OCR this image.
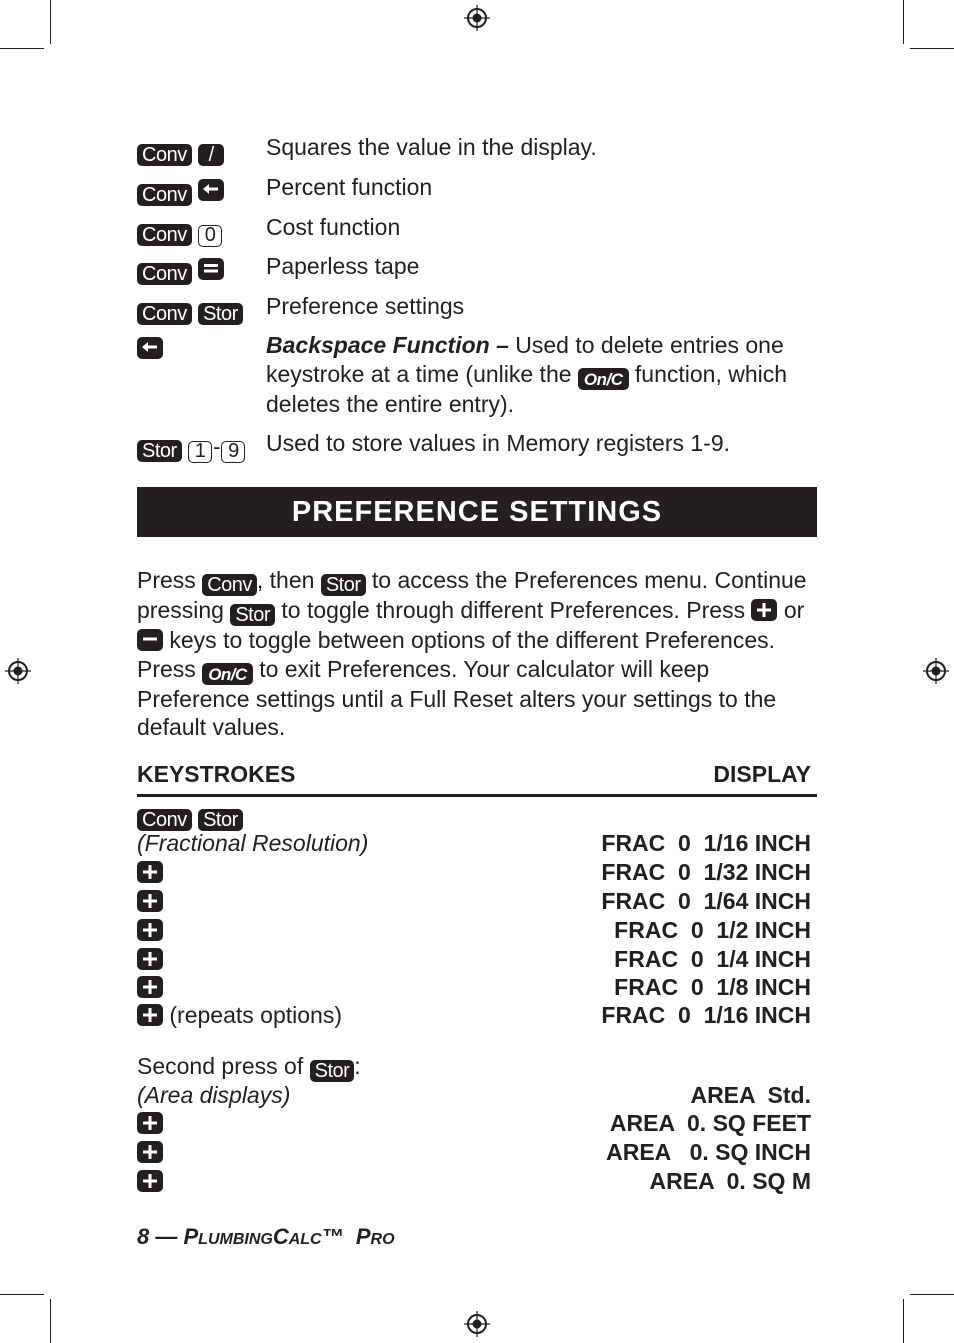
Conv /	Squares the value in the display.
Conv	Percent function
Conv 0 Cost function
Conv	Paperless tape
Conv Stor Preference settings
Backspace Function – Used to delete entries one keystroke at a time (unlike the On/C function, which deletes the entire entry).
Stor 1 - 9 Used to store values in Memory registers 1-9.
PREFERENCE SETTINGS
Press Conv , then Stor to access the Preferences menu. Continue pressing Stor to toggle through different Preferences. Press or
keys to toggle between options of the different Preferences. Press On/C to exit Preferences. Your calculator will keep Preference settings until a Full Reset alters your settings to the default values.
KEYSTROKES	DISPLAY
Conv Stor
(Fractional Resolution)	FRAC  0  1/16 INCH
FRAC  0  1/32 INCH
FRAC  0  1/64 INCH
FRAC  0  1/2 INCH
FRAC  0  1/4 INCH
FRAC  0  1/8 INCH
(repeats options)	FRAC  0  1/16 INCH
Second press of Stor :
(Area displays)	AREA  Std.
AREA  0. SQ FEET
AREA   0. SQ INCH
AREA  0. SQ M
8 — PLUMBINGCALC™ PRO
